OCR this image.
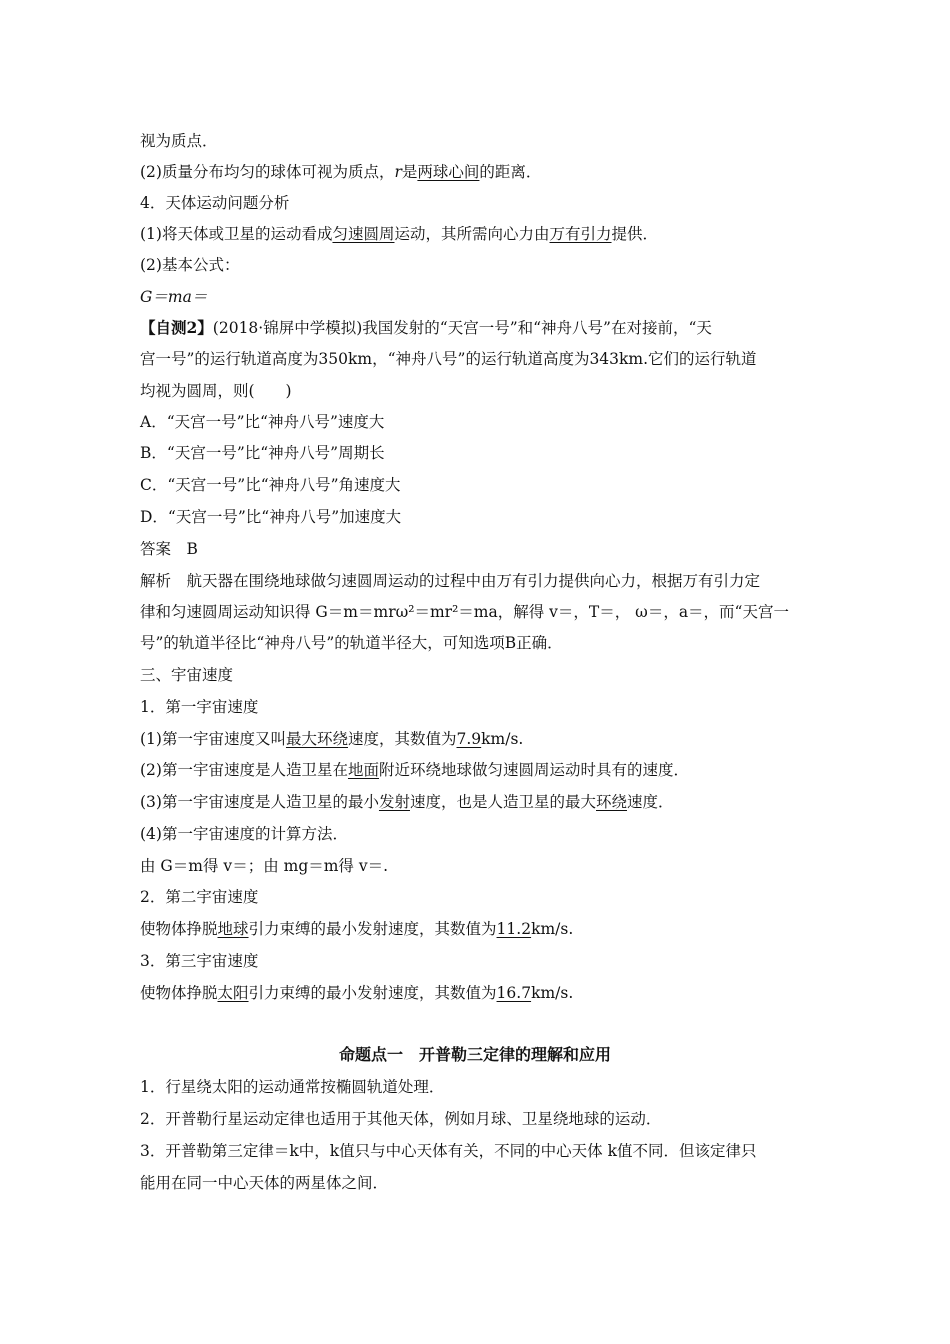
视为质点．
(2)质量分布均匀的球体可视为质点，r是两球心间的距离．
4．天体运动问题分析
(1)将天体或卫星的运动看成匀速圆周运动，其所需向心力由万有引力提供．
(2)基本公式：
G＝ma＝
【自测2】(2018·锦屏中学模拟)我国发射的“天宫一号”和“神舟八号”在对接前，“天
宫一号”的运行轨道高度为350km，“神舟八号”的运行轨道高度为343km.它们的运行轨道
均视为圆周，则(　　)
A．“天宫一号”比“神舟八号”速度大
B．“天宫一号”比“神舟八号”周期长
C．“天宫一号”比“神舟八号”角速度大
D．“天宫一号”比“神舟八号”加速度大
答案　B
解析　航天器在围绕地球做匀速圆周运动的过程中由万有引力提供向心力，根据万有引力定
律和匀速圆周运动知识得 G＝m＝mrω²＝mr²＝ma，解得 v＝，T＝， ω＝，a＝，而“天宫一
号”的轨道半径比“神舟八号”的轨道半径大，可知选项B正确．
三、宇宙速度
1．第一宇宙速度
(1)第一宇宙速度又叫最大环绕速度，其数值为7.9km/s.
(2)第一宇宙速度是人造卫星在地面附近环绕地球做匀速圆周运动时具有的速度．
(3)第一宇宙速度是人造卫星的最小发射速度，也是人造卫星的最大环绕速度．
(4)第一宇宙速度的计算方法．
由 G＝m得 v＝；由 mg＝m得 v＝.
2．第二宇宙速度
使物体挣脱地球引力束缚的最小发射速度，其数值为11.2km/s.
3．第三宇宙速度
使物体挣脱太阳引力束缚的最小发射速度，其数值为16.7km/s.
命题点一　开普勒三定律的理解和应用
1．行星绕太阳的运动通常按椭圆轨道处理．
2．开普勒行星运动定律也适用于其他天体，例如月球、卫星绕地球的运动．
3．开普勒第三定律＝k中，k值只与中心天体有关，不同的中心天体 k值不同．但该定律只
能用在同一中心天体的两星体之间．
